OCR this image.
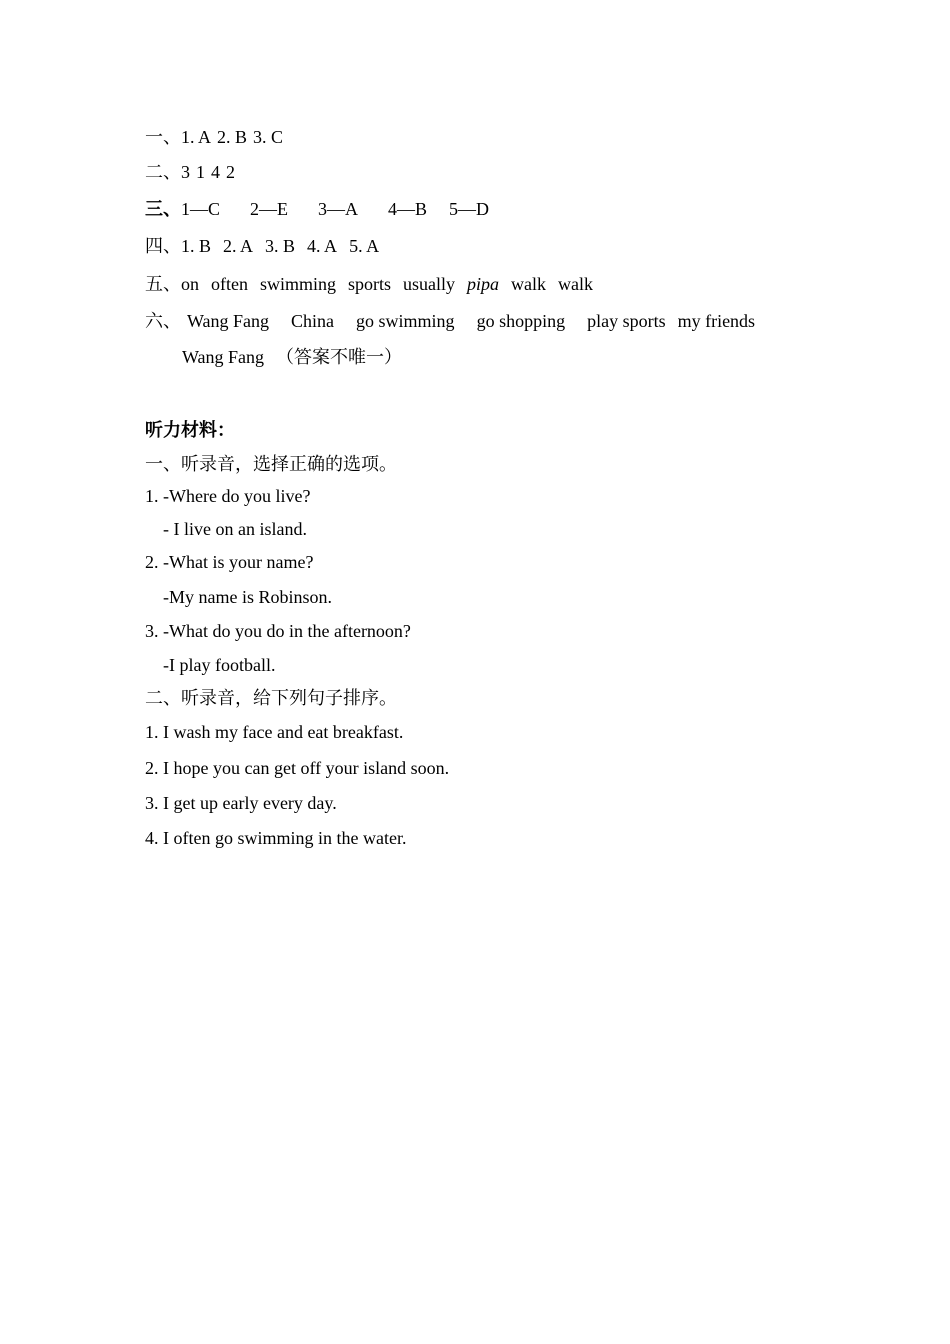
一、1. A 2. B 3. C
二、3 1 4 2
三、1—C 2—E 3—A 4—B 5—D
四、1. B 2. A 3. B 4. A 5. A
五、on often swimming sports usually pipa walk walk
六、 Wang Fang China go swimming go shopping play sports my friends
Wang Fang （答案不唯一）
听力材料：
一、听录音，选择正确的选项。
1. -Where do you live?
- I live on an island.
2. -What is your name?
-My name is Robinson.
3. -What do you do in the afternoon?
-I play football.
二、听录音，给下列句子排序。
1. I wash my face and eat breakfast.
2. I hope you can get off your island soon.
3. I get up early every day.
4. I often go swimming in the water.
